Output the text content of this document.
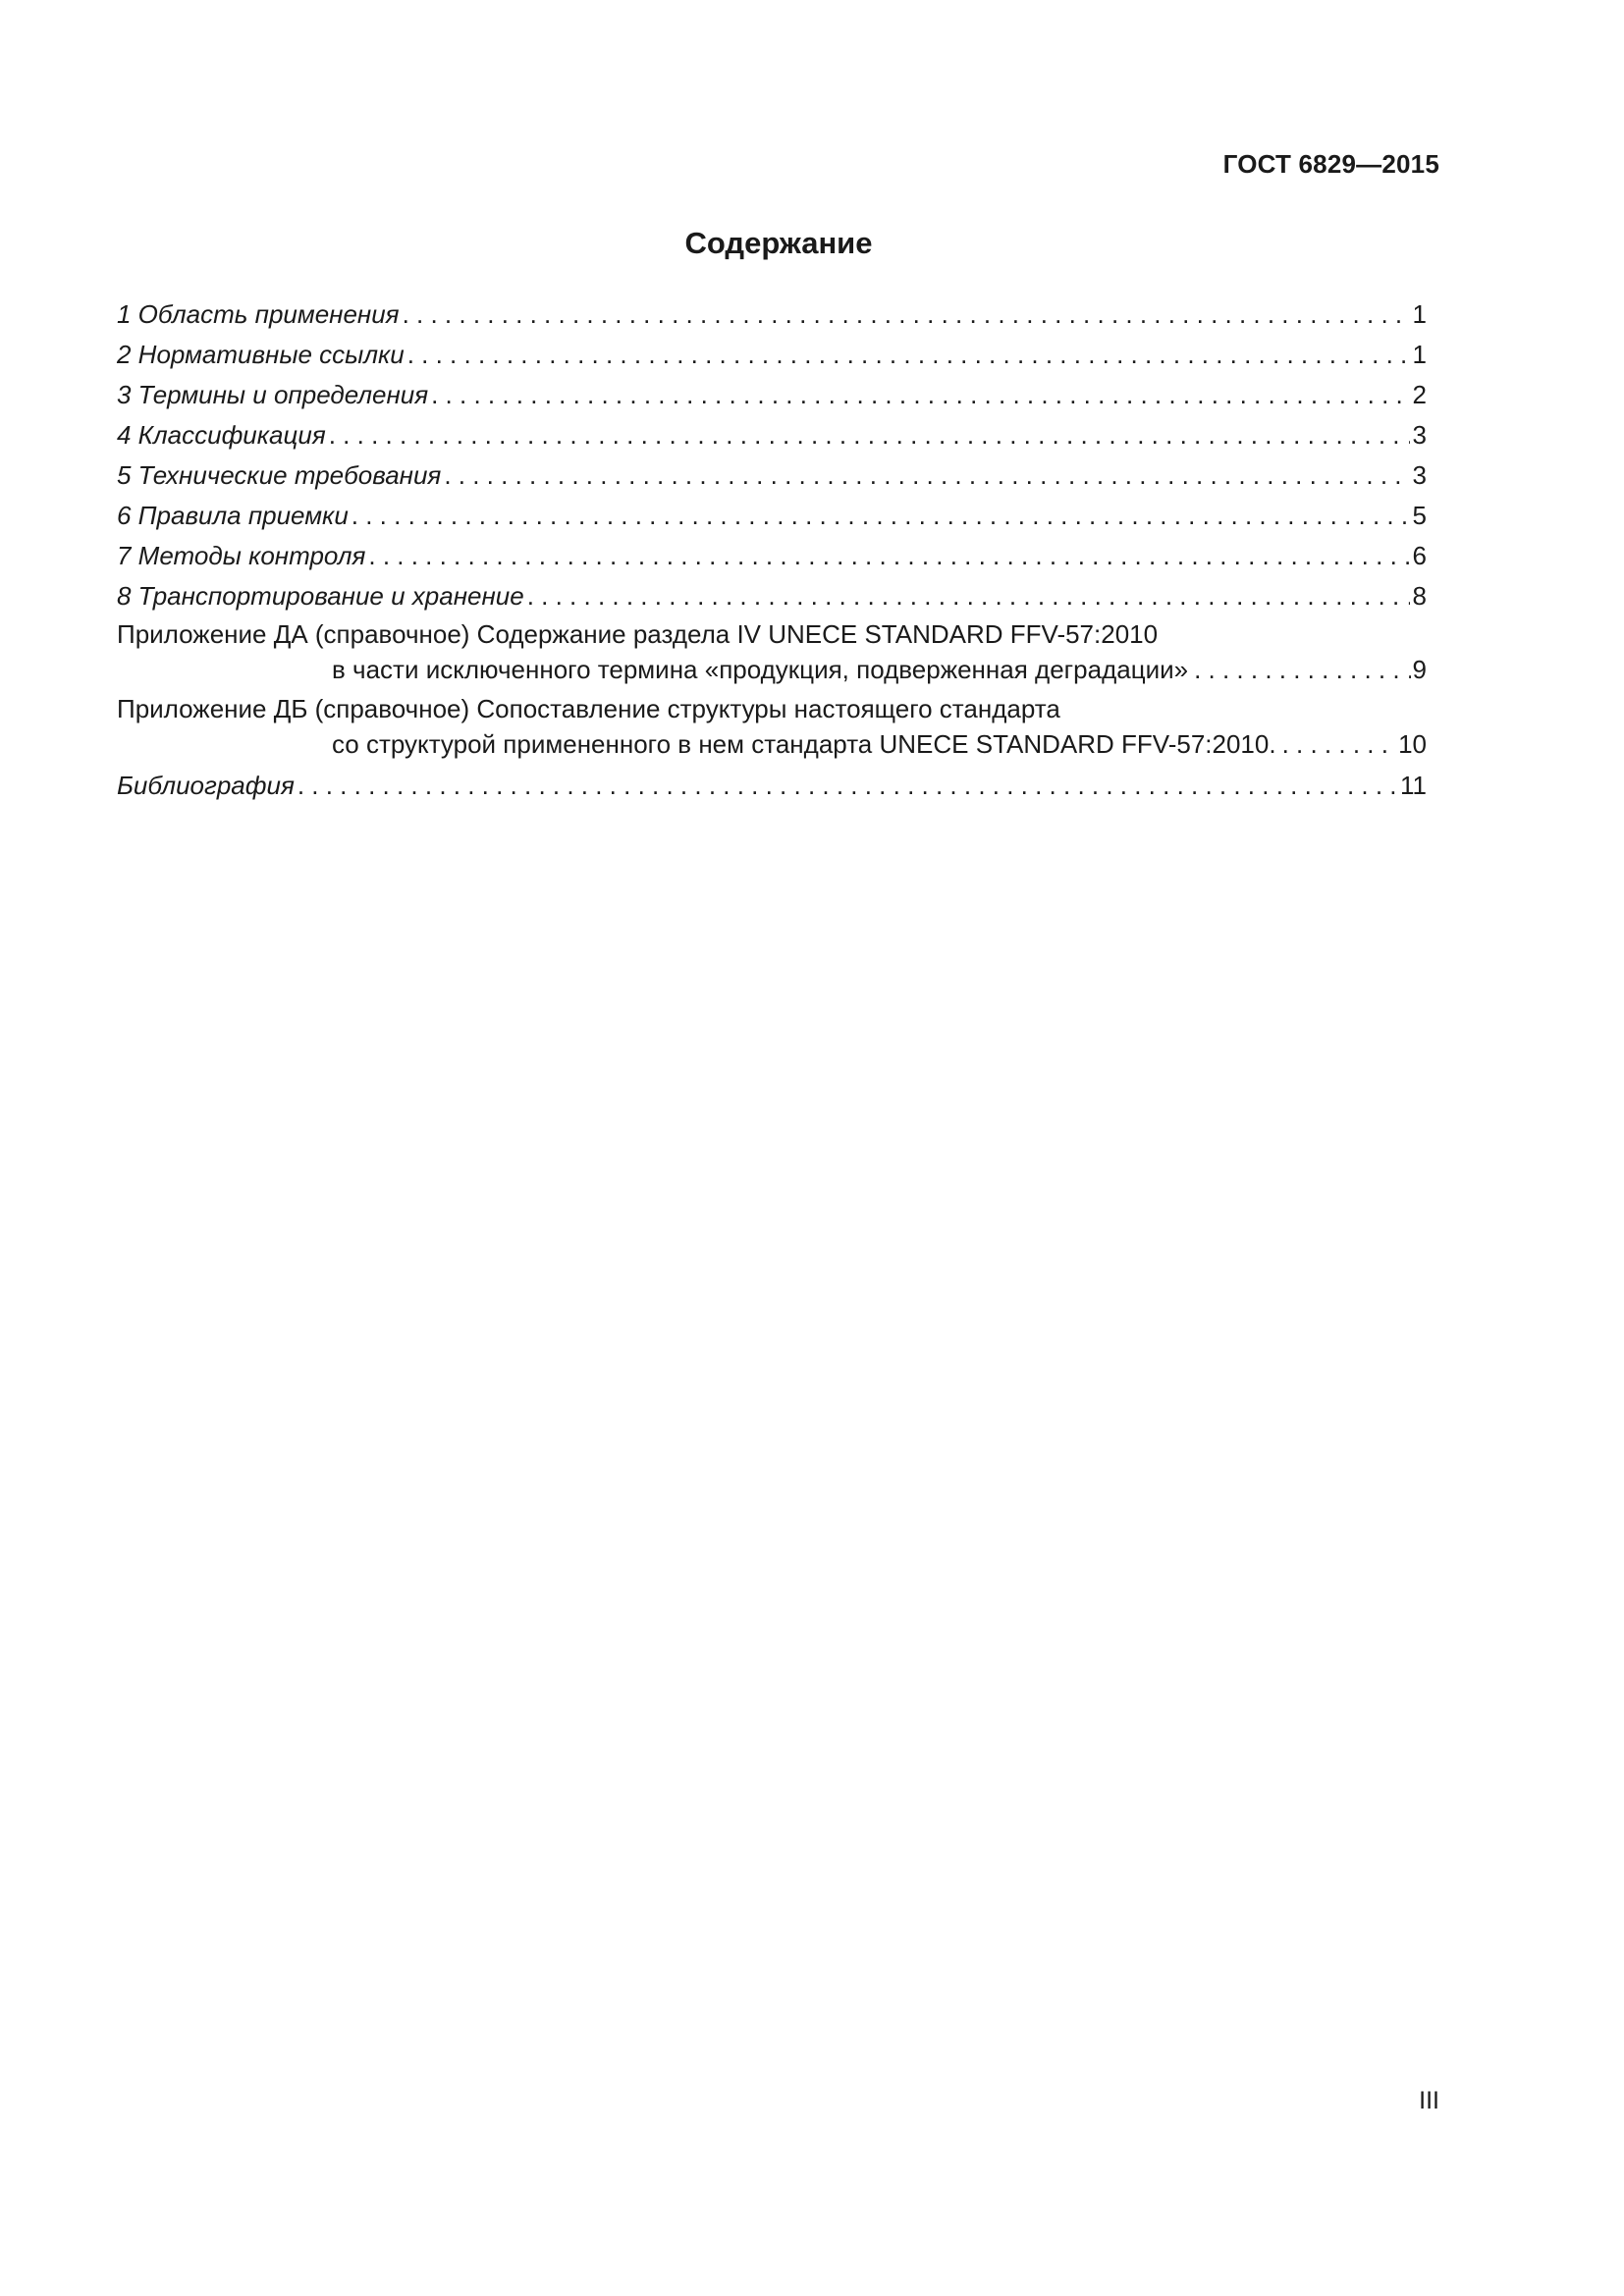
ГОСТ 6829—2015
Содержание
1 Область применения . . .	1
2 Нормативные ссылки . . .	1
3 Термины и определения . . .	2
4 Классификация . . .	3
5 Технические требования . . .	3
6 Правила приемки . . .	5
7 Методы контроля . . .	6
8 Транспортирование и хранение . . .	8
Приложение ДА (справочное) Содержание раздела IV UNECE STANDARD FFV-57:2010
в части исключенного термина «продукция, подверженная деградации» . . .	9
Приложение ДБ (справочное) Сопоставление структуры настоящего стандарта
со структурой примененного в нем стандарта UNECE STANDARD FFV-57:2010. . . .	10
Библиография . . .	11
III
